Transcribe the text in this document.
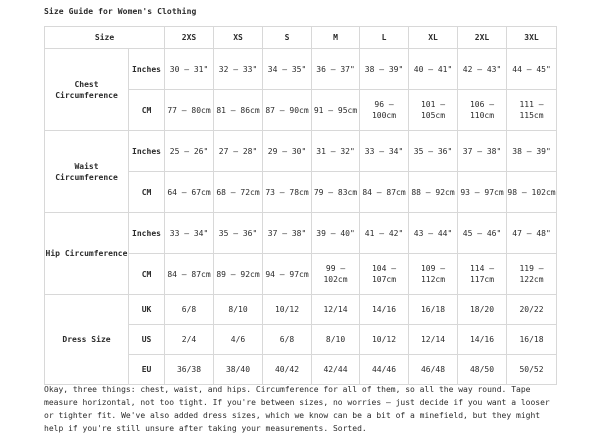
Size Guide for Women's Clothing
Size		2XS	XS	S	M	L	XL	2XL	3XL
Chest Circumference	Inches	30 – 31"	32 – 33"	34 – 35"	36 – 37"	38 – 39"	40 – 41"	42 – 43"	44 – 45"
	CM	77 – 80cm	81 – 86cm	87 – 90cm	91 – 95cm	96 – 100cm	101 – 105cm	106 – 110cm	111 – 115cm
Waist Circumference	Inches	25 – 26"	27 – 28"	29 – 30"	31 – 32"	33 – 34"	35 – 36"	37 – 38"	38 – 39"
	CM	64 – 67cm	68 – 72cm	73 – 78cm	79 – 83cm	84 – 87cm	88 – 92cm	93 – 97cm	98 – 102cm
Hip Circumference	Inches	33 – 34"	35 – 36"	37 – 38"	39 – 40"	41 – 42"	43 – 44"	45 – 46"	47 – 48"
	CM	84 – 87cm	89 – 92cm	94 – 97cm	99 – 102cm	104 – 107cm	109 – 112cm	114 – 117cm	119 – 122cm
Dress Size	UK	6/8	8/10	10/12	12/14	14/16	16/18	18/20	20/22
	US	2/4	4/6	6/8	8/10	10/12	12/14	14/16	16/18
	EU	36/38	38/40	40/42	42/44	44/46	46/48	48/50	50/52
Okay, three things: chest, waist, and hips. Circumference for all of them, so all the way round. Tape measure horizontal, not too tight. If you're between sizes, no worries – just decide if you want a looser or tighter fit. We've also added dress sizes, which we know can be a bit of a minefield, but they might help if you're still unsure after taking your measurements. Sorted.
